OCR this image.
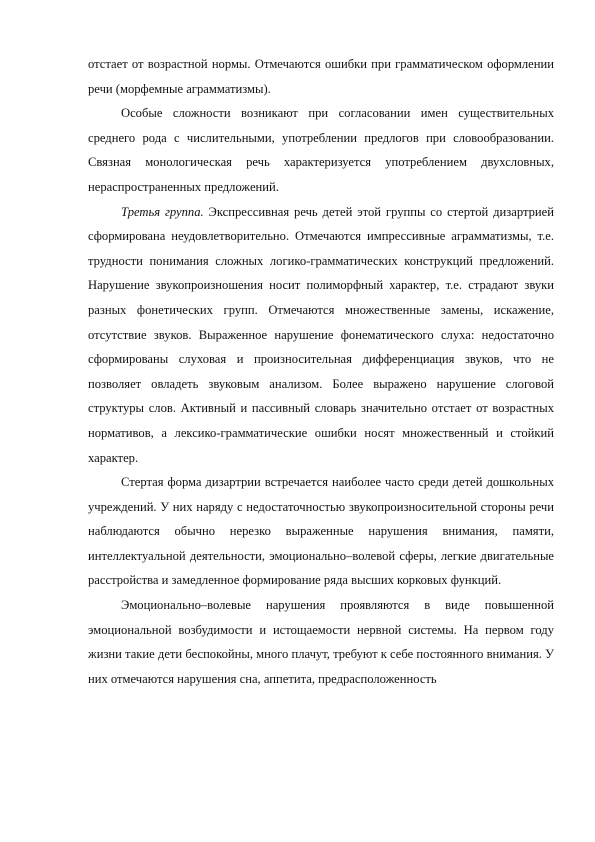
отстает от возрастной нормы. Отмечаются ошибки при грамматическом оформлении речи (морфемные аграмматизмы).

Особые сложности возникают при согласовании имен существительных среднего рода с числительными, употреблении предлогов при словообразовании. Связная монологическая речь характеризуется употреблением двухсловных, нераспространенных предложений.

Третья группа. Экспрессивная речь детей этой группы со стертой дизартрией сформирована неудовлетворительно. Отмечаются импрессивные аграмматизмы, т.е. трудности понимания сложных логико-грамматических конструкций предложений. Нарушение звукопроизношения носит полиморфный характер, т.е. страдают звуки разных фонетических групп. Отмечаются множественные замены, искажение, отсутствие звуков. Выраженное нарушение фонематического слуха: недостаточно сформированы слуховая и произносительная дифференциация звуков, что не позволяет овладеть звуковым анализом. Более выражено нарушение слоговой структуры слов. Активный и пассивный словарь значительно отстает от возрастных нормативов, а лексико-грамматические ошибки носят множественный и стойкий характер.

Стертая форма дизартрии встречается наиболее часто среди детей дошкольных учреждений. У них наряду с недостаточностью звукопроизносительной стороны речи наблюдаются обычно нерезко выраженные нарушения внимания, памяти, интеллектуальной деятельности, эмоционально–волевой сферы, легкие двигательные расстройства и замедленное формирование ряда высших корковых функций.

Эмоционально–волевые нарушения проявляются в виде повышенной эмоциональной возбудимости и истощаемости нервной системы. На первом году жизни такие дети беспокойны, много плачут, требуют к себе постоянного внимания. У них отмечаются нарушения сна, аппетита, предрасположенность
